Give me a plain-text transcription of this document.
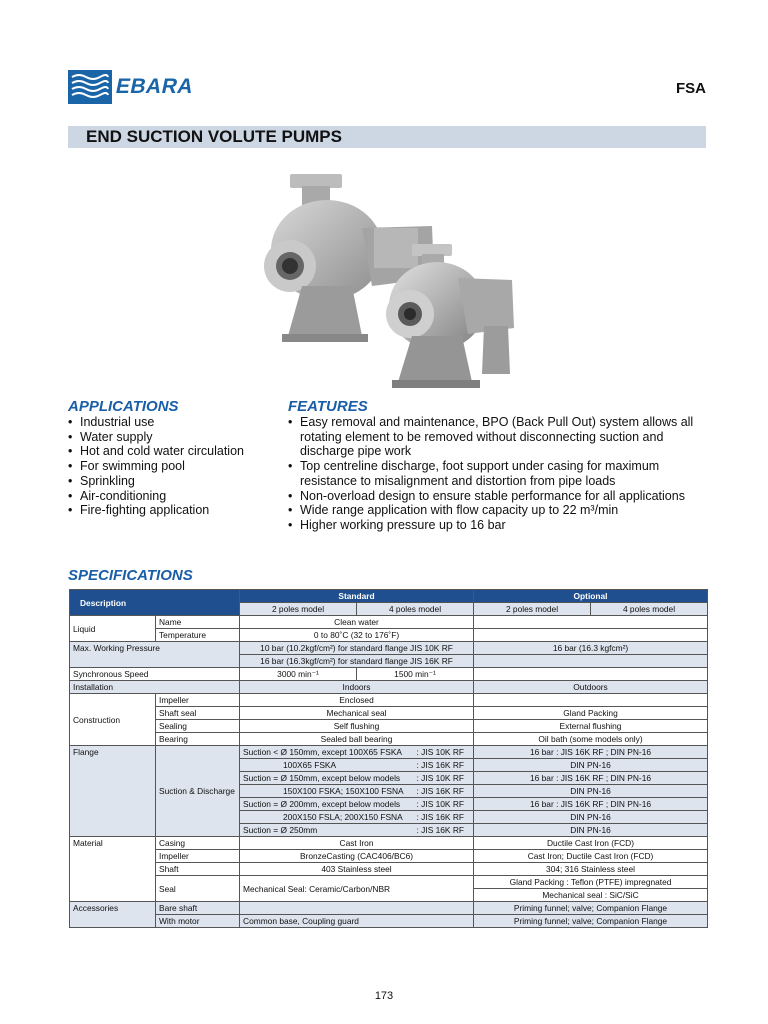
EBARA	FSA
END SUCTION VOLUTE PUMPS
APPLICATIONS
• Industrial use
• Water supply
• Hot and cold water circulation
• For swimming pool
• Sprinkling
• Air-conditioning
• Fire-fighting application
FEATURES
• Easy removal and maintenance, BPO (Back Pull Out) system allows all rotating element to be removed without disconnecting suction and discharge pipe work
• Top centreline discharge, foot support under casing for maximum resistance to misalignment and distortion from pipe loads
• Non-overload design to ensure stable performance for all applications
• Wide range application with flow capacity up to 22 m³/min
• Higher working pressure up to 16 bar
SPECIFICATIONS
Description		Standard		Optional	
		2 poles model	4 poles model	2 poles model	4 poles model
Liquid	Name	Clean water			
	Temperature	0 to 80˚C (32 to 176˚F)			
Max. Working Pressure		10 bar (10.2kgf/cm²) for standard flange JIS 10K RF		16 bar (16.3 kgfcm²)	
		16 bar (16.3kgf/cm²) for standard flange JIS 16K RF			
Synchronous Speed		3000 min⁻¹	1500 min⁻¹		
Installation		Indoors		Outdoors	
Construction	Impeller	Enclosed			
	Shaft seal	Mechanical seal		Gland Packing	
	Sealing	Self flushing		External flushing	
	Bearing	Sealed ball bearing		Oil bath (some models only)	
Flange	Suction & Discharge	Suction < Ø 150mm, except 100X65 FSKA : JIS 10K RF		16 bar : JIS 16K RF ; DIN PN-16	

		100X65 FSKA : JIS 16K RF		DIN PN-16	

		Suction = Ø 150mm, except below models : JIS 10K RF		16 bar : JIS 16K RF ; DIN PN-16	

		150X100 FSKA; 150X100 FSNA : JIS 16K RF		DIN PN-16	

		Suction = Ø 200mm, except below models : JIS 10K RF		16 bar : JIS 16K RF ; DIN PN-16	

		200X150 FSLA; 200X150 FSNA : JIS 16K RF		DIN PN-16	

		Suction = Ø 250mm : JIS 16K RF		DIN PN-16	
Material	Casing	Cast Iron		Ductile Cast Iron (FCD)	
	Impeller	BronzeCasting (CAC406/BC6)		Cast Iron; Ductile Cast Iron (FCD)	
	Shaft	403 Stainless steel		304; 316 Stainless steel	
	Seal	Mechanical Seal: Ceramic/Carbon/NBR		Gland Packing : Teflon (PTFE) impregnated	
				Mechanical seal : SiC/SiC	
Accessories	Bare shaft			Priming funnel; valve; Companion Flange	
	With motor	Common base, Coupling guard		Priming funnel; valve; Companion Flange	
173
